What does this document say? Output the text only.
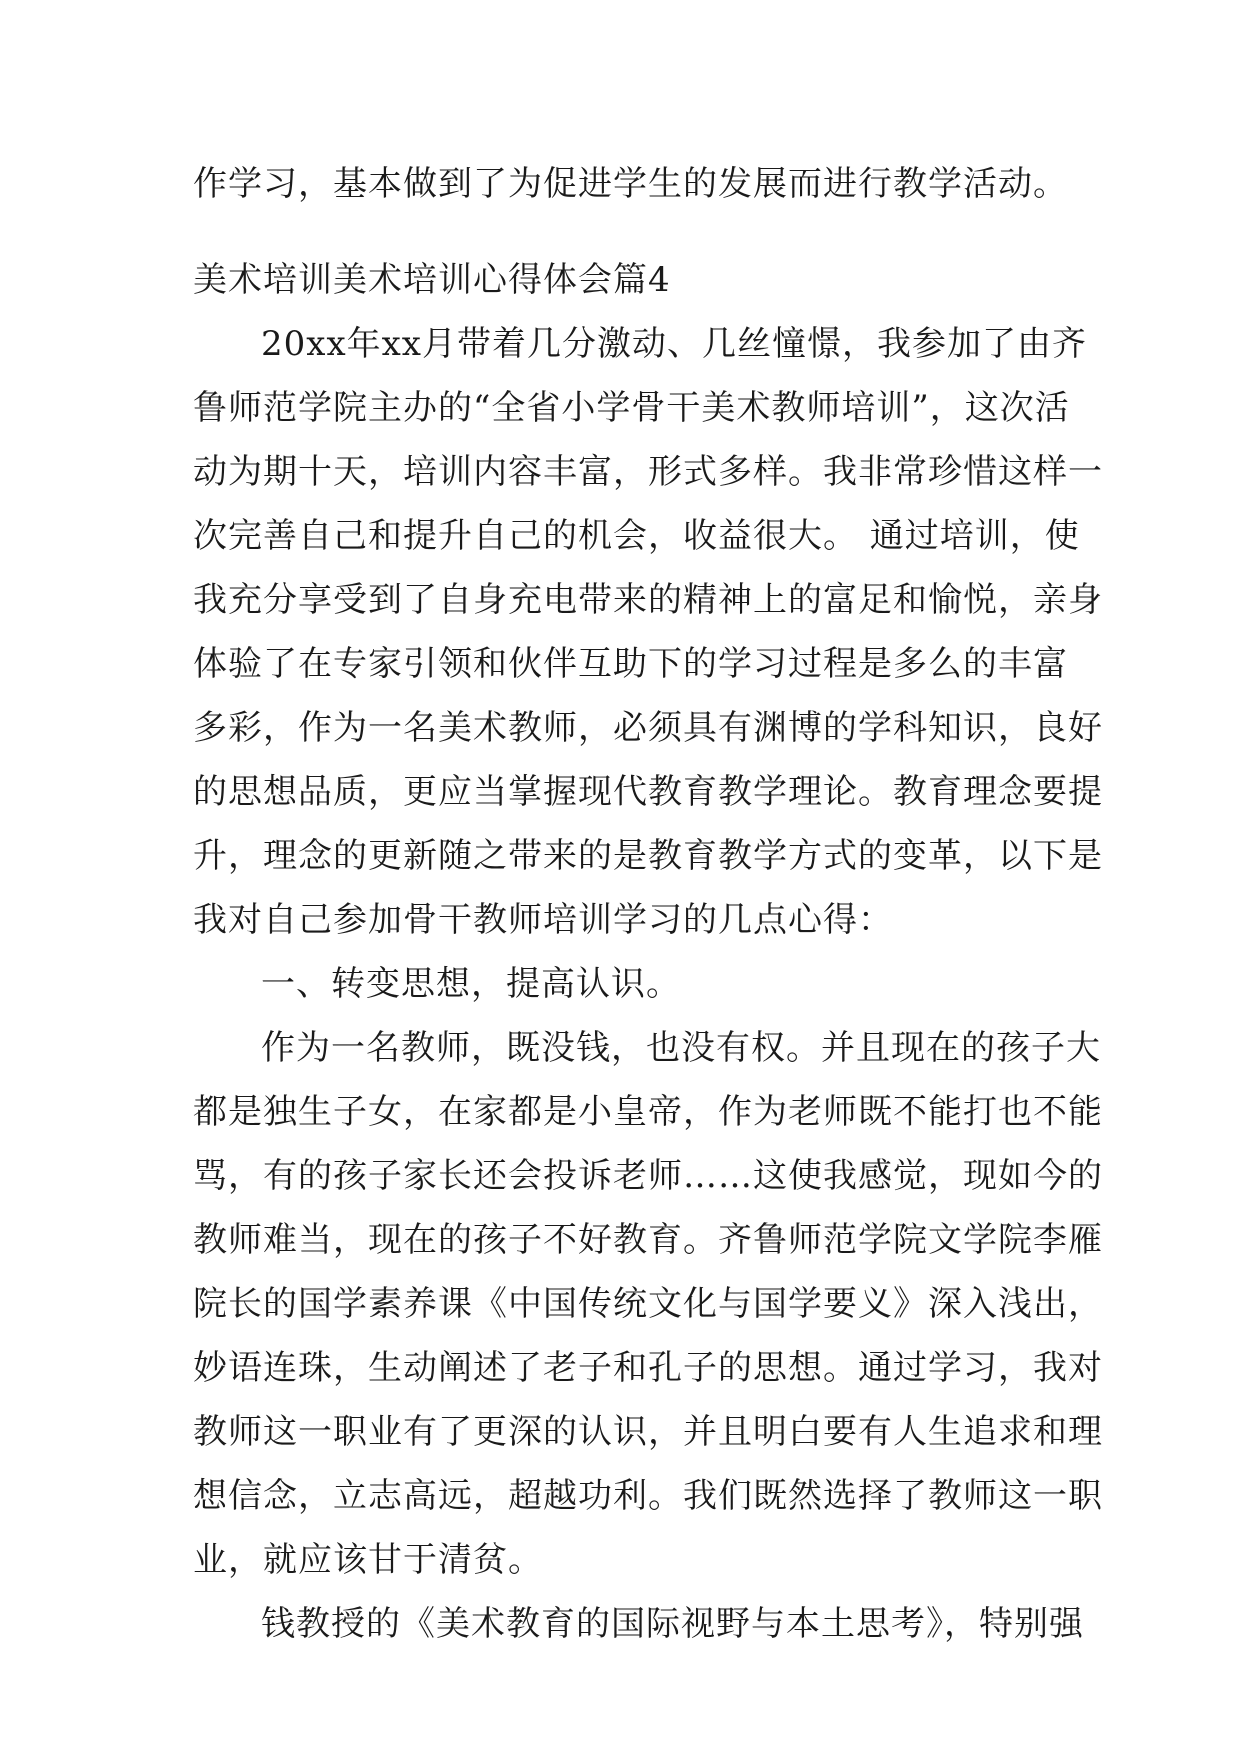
作学习，基本做到了为促进学生的发展而进行教学活动。
美术培训美术培训心得体会篇4
20xx年xx月带着几分激动、几丝憧憬，我参加了由齐
鲁师范学院主办的“全省小学骨干美术教师培训”，这次活
动为期十天，培训内容丰富，形式多样。我非常珍惜这样一
次完善自己和提升自己的机会，收益很大。 通过培训，使
我充分享受到了自身充电带来的精神上的富足和愉悦，亲身
体验了在专家引领和伙伴互助下的学习过程是多么的丰富
多彩，作为一名美术教师，必须具有渊博的学科知识，良好
的思想品质，更应当掌握现代教育教学理论。教育理念要提
升，理念的更新随之带来的是教育教学方式的变革，以下是
我对自己参加骨干教师培训学习的几点心得：
一、转变思想，提高认识。
作为一名教师，既没钱，也没有权。并且现在的孩子大
都是独生子女，在家都是小皇帝，作为老师既不能打也不能
骂，有的孩子家长还会投诉老师……这使我感觉，现如今的
教师难当，现在的孩子不好教育。齐鲁师范学院文学院李雁
院长的国学素养课《中国传统文化与国学要义》深入浅出，
妙语连珠，生动阐述了老子和孔子的思想。通过学习，我对
教师这一职业有了更深的认识，并且明白要有人生追求和理
想信念，立志高远，超越功利。我们既然选择了教师这一职
业，就应该甘于清贫。
钱教授的《美术教育的国际视野与本土思考》，特别强
